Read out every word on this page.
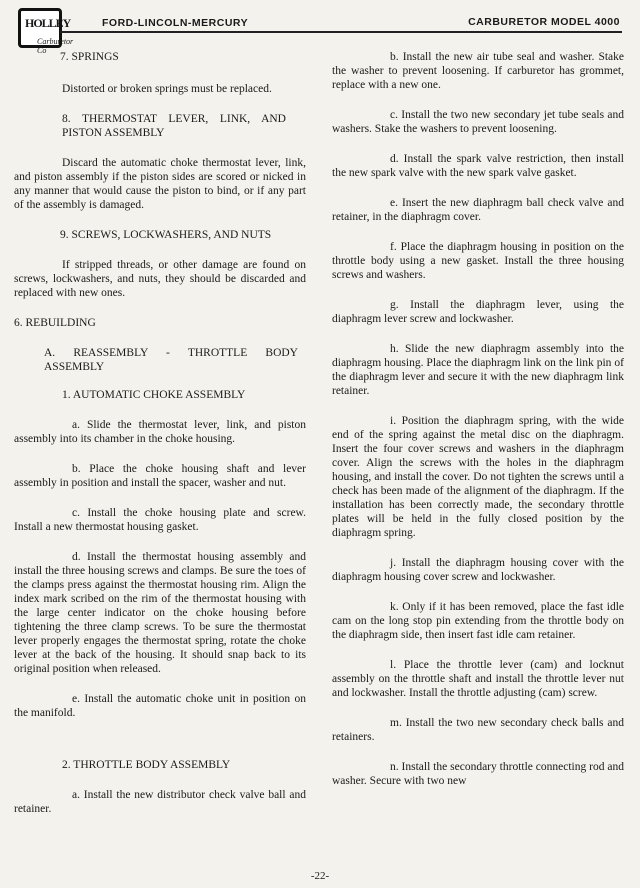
HOLLEY
Carburetor Co
FORD-LINCOLN-MERCURY	CARBURETOR MODEL 4000

7. SPRINGS

Distorted or broken springs must be replaced.

8. THERMOSTAT LEVER, LINK, AND PISTON ASSEMBLY

Discard the automatic choke thermostat lever, link, and piston assembly if the piston sides are scored or nicked in any manner that would cause the piston to bind, or if any part of the assembly is damaged.

9. SCREWS, LOCKWASHERS, AND NUTS

If stripped threads, or other damage are found on screws, lockwashers, and nuts, they should be discarded and replaced with new ones.

6. REBUILDING

A. REASSEMBLY - THROTTLE BODY ASSEMBLY

1. AUTOMATIC CHOKE ASSEMBLY

a. Slide the thermostat lever, link, and piston assembly into its chamber in the choke housing.

b. Place the choke housing shaft and lever assembly in position and install the spacer, washer and nut.

c. Install the choke housing plate and screw. Install a new thermostat housing gasket.

d. Install the thermostat housing assembly and install the three housing screws and clamps. Be sure the toes of the clamps press against the thermostat housing rim. Align the index mark scribed on the rim of the thermostat housing with the large center indicator on the choke housing before tightening the three clamp screws. To be sure the thermostat lever properly engages the thermostat spring, rotate the choke lever at the back of the housing. It should snap back to its original position when released.

e. Install the automatic choke unit in position on the manifold.

2. THROTTLE BODY ASSEMBLY

a. Install the new distributor check valve ball and retainer.

b. Install the new air tube seal and washer. Stake the washer to prevent loosening. If carburetor has grommet, replace with a new one.

c. Install the two new secondary jet tube seals and washers. Stake the washers to prevent loosening.

d. Install the spark valve restriction, then install the new spark valve with the new spark valve gasket.

e. Insert the new diaphragm ball check valve and retainer, in the diaphragm cover.

f. Place the diaphragm housing in position on the throttle body using a new gasket. Install the three housing screws and washers.

g. Install the diaphragm lever, using the diaphragm lever screw and lockwasher.

h. Slide the new diaphragm assembly into the diaphragm housing. Place the diaphragm link on the link pin of the diaphragm lever and secure it with the new diaphragm link retainer.

i. Position the diaphragm spring, with the wide end of the spring against the metal disc on the diaphragm. Insert the four cover screws and washers in the diaphragm cover. Align the screws with the holes in the diaphragm housing, and install the cover. Do not tighten the screws until a check has been made of the alignment of the diaphragm. If the installation has been correctly made, the secondary throttle plates will be held in the fully closed position by the diaphragm spring.

j. Install the diaphragm housing cover with the diaphragm housing cover screw and lockwasher.

k. Only if it has been removed, place the fast idle cam on the long stop pin extending from the throttle body on the diaphragm side, then insert fast idle cam retainer.

l. Place the throttle lever (cam) and locknut assembly on the throttle shaft and install the throttle lever nut and lockwasher. Install the throttle adjusting (cam) screw.

m. Install the two new secondary check balls and retainers.

n. Install the secondary throttle connecting rod and washer. Secure with two new

-22-
